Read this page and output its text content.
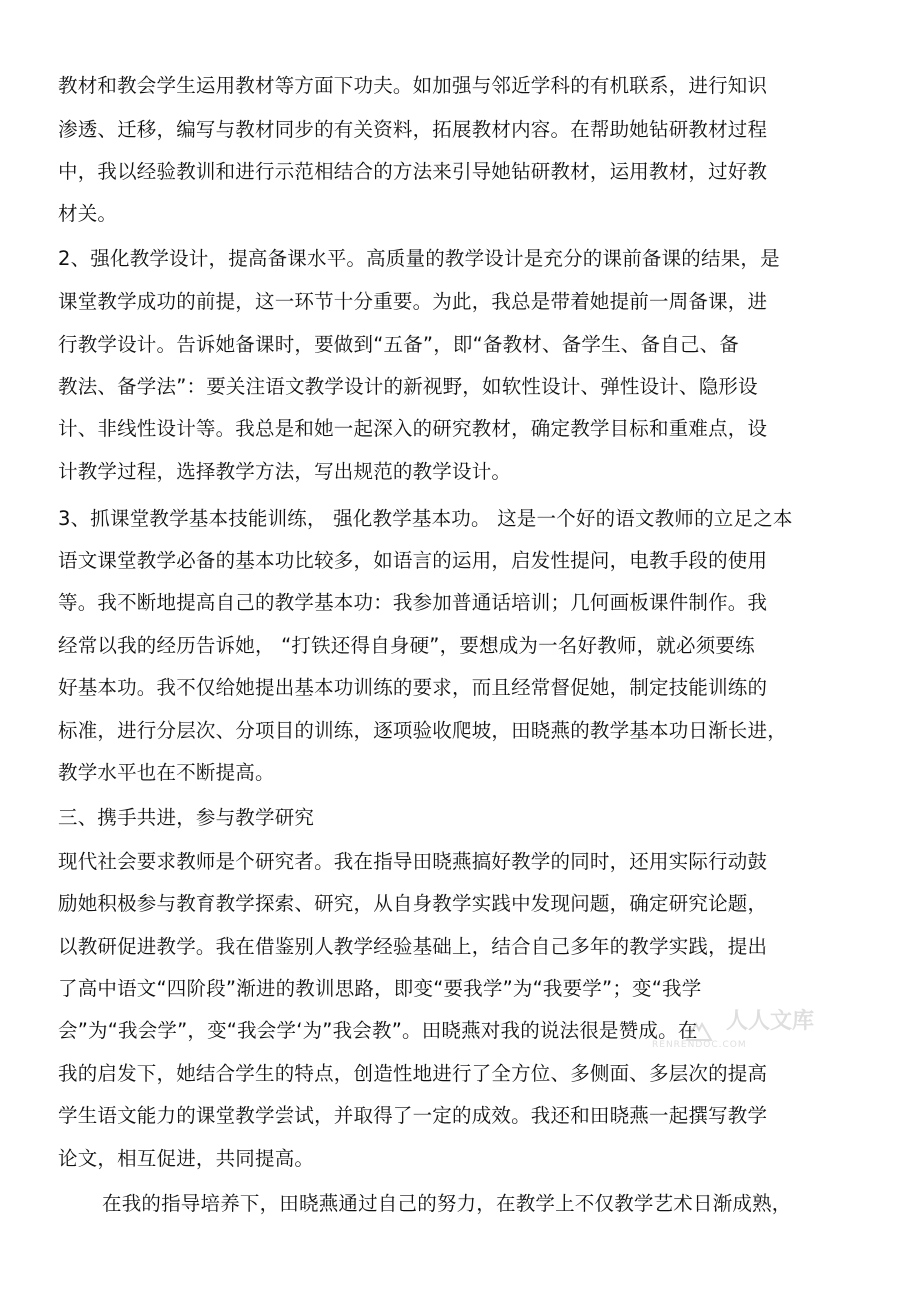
教材和教会学生运用教材等方面下功夫。如加强与邻近学科的有机联系，进行知识
渗透、迁移，编写与教材同步的有关资料，拓展教材内容。在帮助她钻研教材过程
中，我以经验教训和进行示范相结合的方法来引导她钻研教材，运用教材，过好教
材关。
2、强化教学设计，提高备课水平。高质量的教学设计是充分的课前备课的结果，是
课堂教学成功的前提，这一环节十分重要。为此，我总是带着她提前一周备课，进
行教学设计。告诉她备课时，要做到“五备”，即“备教材、备学生、备自己、备
教法、备学法”：要关注语文教学设计的新视野，如软性设计、弹性设计、隐形设
计、非线性设计等。我总是和她一起深入的研究教材，确定教学目标和重难点，设
计教学过程，选择教学方法，写出规范的教学设计。
3、抓课堂教学基本技能训练， 强化教学基本功。 这是一个好的语文教师的立足之本
语文课堂教学必备的基本功比较多，如语言的运用，启发性提问，电教手段的使用
等。我不断地提高自己的教学基本功：我参加普通话培训；几何画板课件制作。我
经常以我的经历告诉她， “打铁还得自身硬”，要想成为一名好教师，就必须要练
好基本功。我不仅给她提出基本功训练的要求，而且经常督促她，制定技能训练的
标准，进行分层次、分项目的训练，逐项验收爬坡，田晓燕的教学基本功日渐长进，
教学水平也在不断提高。
三、携手共进，参与教学研究
现代社会要求教师是个研究者。我在指导田晓燕搞好教学的同时，还用实际行动鼓
励她积极参与教育教学探索、研究，从自身教学实践中发现问题，确定研究论题，
以教研促进教学。我在借鉴别人教学经验基础上，结合自己多年的教学实践，提出
了高中语文“四阶段”渐进的教训思路，即变“要我学”为“我要学”；变“我学
会”为“我会学”，变“我会学‘为”我会教”。田晓燕对我的说法很是赞成。在
我的启发下，她结合学生的特点，创造性地进行了全方位、多侧面、多层次的提高
学生语文能力的课堂教学尝试，并取得了一定的成效。我还和田晓燕一起撰写教学
论文，相互促进，共同提高。
在我的指导培养下，田晓燕通过自己的努力，在教学上不仅教学艺术日渐成熟，
人人文库
RENRENDOC.COM
